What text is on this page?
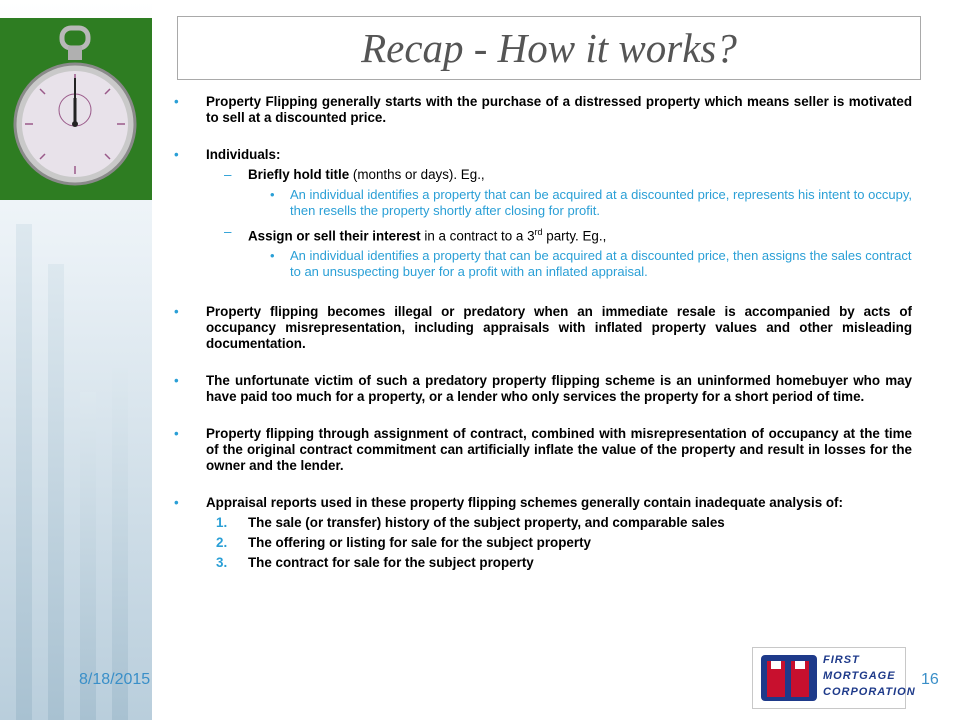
Recap - How it works?
• Property Flipping generally starts with the purchase of a distressed property which means seller is motivated to sell at a discounted price.
• Individuals:
– Briefly hold title (months or days). Eg.,
• An individual identifies a property that can be acquired at a discounted price, represents his intent to occupy, then resells the property shortly after closing for profit.
– Assign or sell their interest in a contract to a 3rd party. Eg.,
• An individual identifies a property that can be acquired at a discounted price, then assigns the sales contract to an unsuspecting buyer for a profit with an inflated appraisal.
• Property flipping becomes illegal or predatory when an immediate resale is accompanied by acts of occupancy misrepresentation, including appraisals with inflated property values and other misleading documentation.
• The unfortunate victim of such a predatory property flipping scheme is an uninformed homebuyer who may have paid too much for a property, or a lender who only services the property for a short period of time.
• Property flipping through assignment of contract, combined with misrepresentation of occupancy at the time of the original contract commitment can artificially inflate the value of the property and result in losses for the owner and the lender.
• Appraisal reports used in these property flipping schemes generally contain inadequate analysis of:
1. The sale (or transfer) history of the subject property, and comparable sales
2. The offering or listing for sale for the subject property
3. The contract for sale for the subject property
8/18/2015	16
FIRST
MORTGAGE
CORPORATION
